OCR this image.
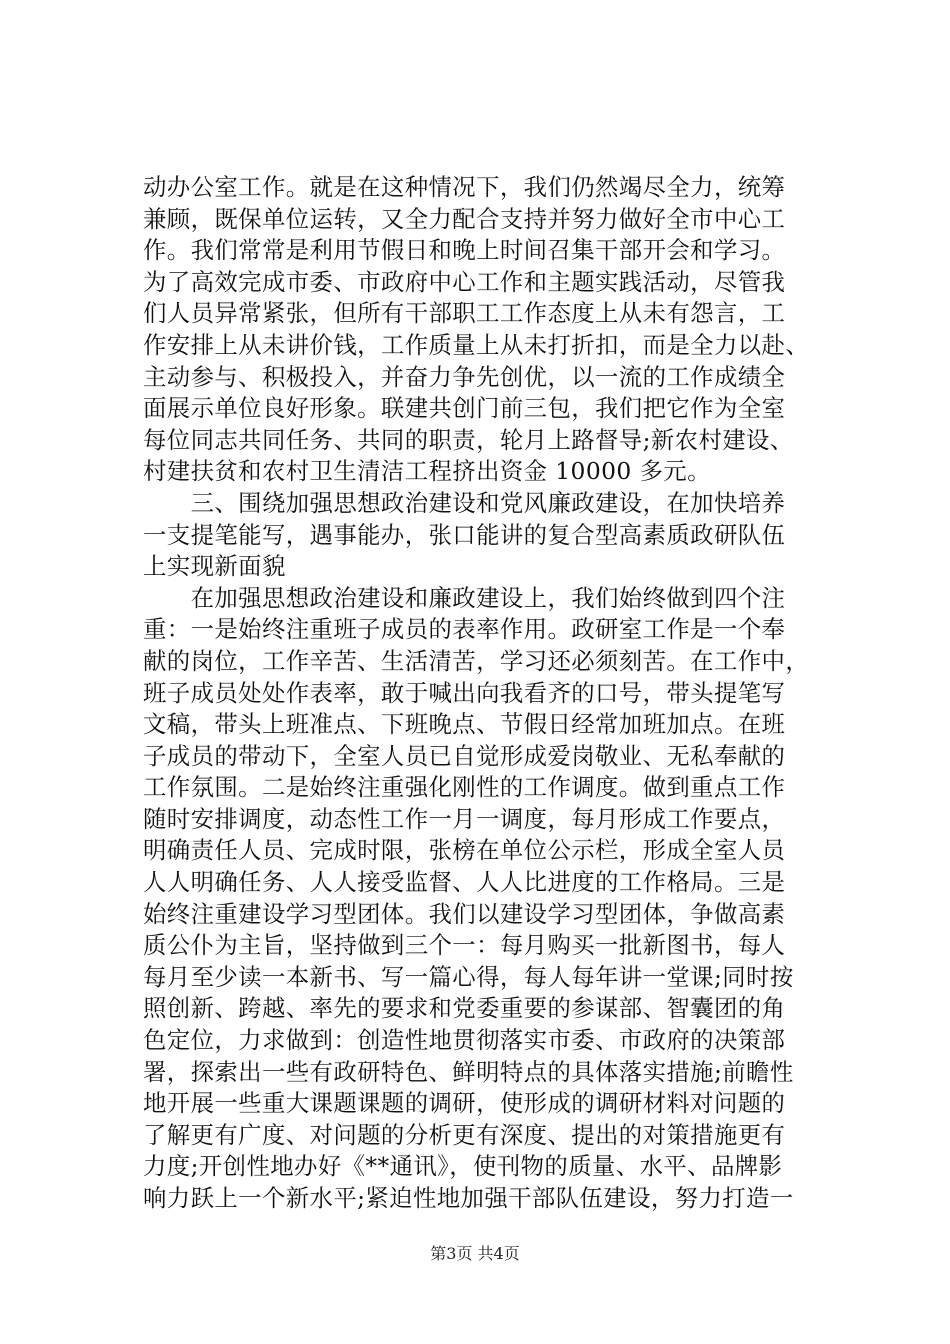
动办公室工作。就是在这种情况下，我们仍然竭尽全力，统筹
兼顾，既保单位运转，又全力配合支持并努力做好全市中心工
作。我们常常是利用节假日和晚上时间召集干部开会和学习。
为了高效完成市委、市政府中心工作和主题实践活动，尽管我
们人员异常紧张，但所有干部职工工作态度上从未有怨言，工
作安排上从未讲价钱，工作质量上从未打折扣，而是全力以赴、
主动参与、积极投入，并奋力争先创优，以一流的工作成绩全
面展示单位良好形象。联建共创门前三包，我们把它作为全室
每位同志共同任务、共同的职责，轮月上路督导;新农村建设、
村建扶贫和农村卫生清洁工程挤出资金 10000 多元。
　　三、围绕加强思想政治建设和党风廉政建设，在加快培养
一支提笔能写，遇事能办，张口能讲的复合型高素质政研队伍
上实现新面貌
　　在加强思想政治建设和廉政建设上，我们始终做到四个注
重：一是始终注重班子成员的表率作用。政研室工作是一个奉
献的岗位，工作辛苦、生活清苦，学习还必须刻苦。在工作中，
班子成员处处作表率，敢于喊出向我看齐的口号，带头提笔写
文稿，带头上班准点、下班晚点、节假日经常加班加点。在班
子成员的带动下，全室人员已自觉形成爱岗敬业、无私奉献的
工作氛围。二是始终注重强化刚性的工作调度。做到重点工作
随时安排调度，动态性工作一月一调度，每月形成工作要点，
明确责任人员、完成时限，张榜在单位公示栏，形成全室人员
人人明确任务、人人接受监督、人人比进度的工作格局。三是
始终注重建设学习型团体。我们以建设学习型团体，争做高素
质公仆为主旨，坚持做到三个一：每月购买一批新图书，每人
每月至少读一本新书、写一篇心得，每人每年讲一堂课;同时按
照创新、跨越、率先的要求和党委重要的参谋部、智囊团的角
色定位，力求做到：创造性地贯彻落实市委、市政府的决策部
署，探索出一些有政研特色、鲜明特点的具体落实措施;前瞻性
地开展一些重大课题课题的调研，使形成的调研材料对问题的
了解更有广度、对问题的分析更有深度、提出的对策措施更有
力度;开创性地办好《**通讯》，使刊物的质量、水平、品牌影
响力跃上一个新水平;紧迫性地加强干部队伍建设，努力打造一
第3页 共4页
